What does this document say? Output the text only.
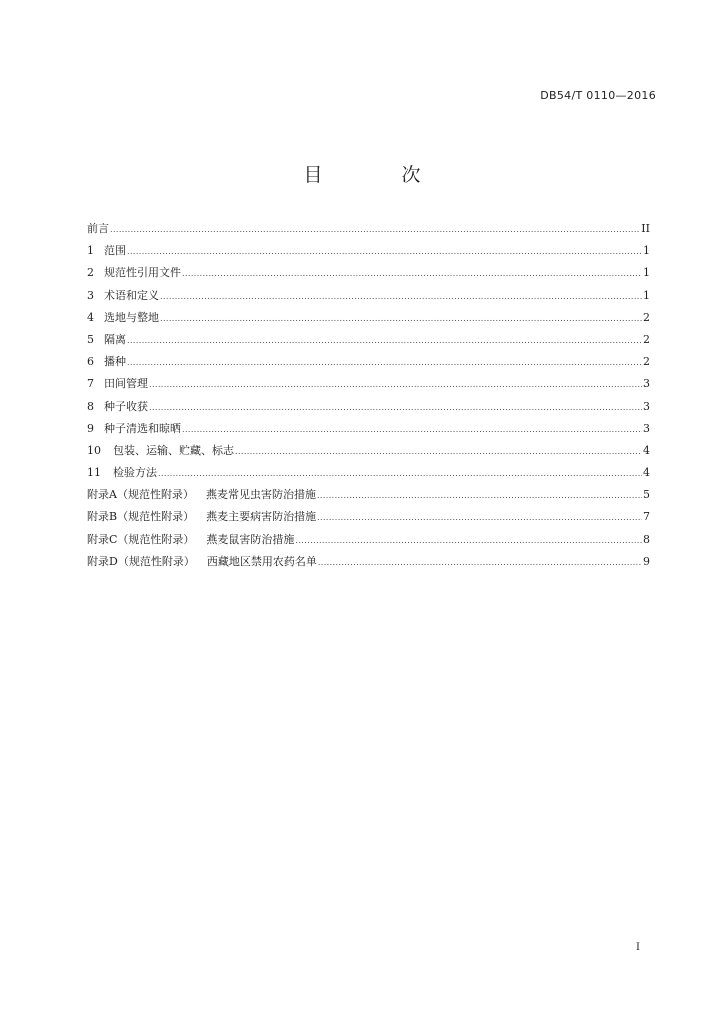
DB54/T 0110—2016
目　次
前言 .....	II
1 范围 .....	1
2 规范性引用文件 .....	1
3 术语和定义 .....	1
4 选地与整地 .....	2
5 隔离 .....	2
6 播种 .....	2
7 田间管理 .....	3
8 种子收获 .....	3
9 种子清选和晾晒 .....	3
10 包装、运输、贮藏、标志 .....	4
11 检验方法 .....	4
附录A（规范性附录） 燕麦常见虫害防治措施 .....	5
附录B（规范性附录） 燕麦主要病害防治措施 .....	7
附录C（规范性附录） 燕麦鼠害防治措施 .....	8
附录D（规范性附录） 西藏地区禁用农药名单 .....	9
I
